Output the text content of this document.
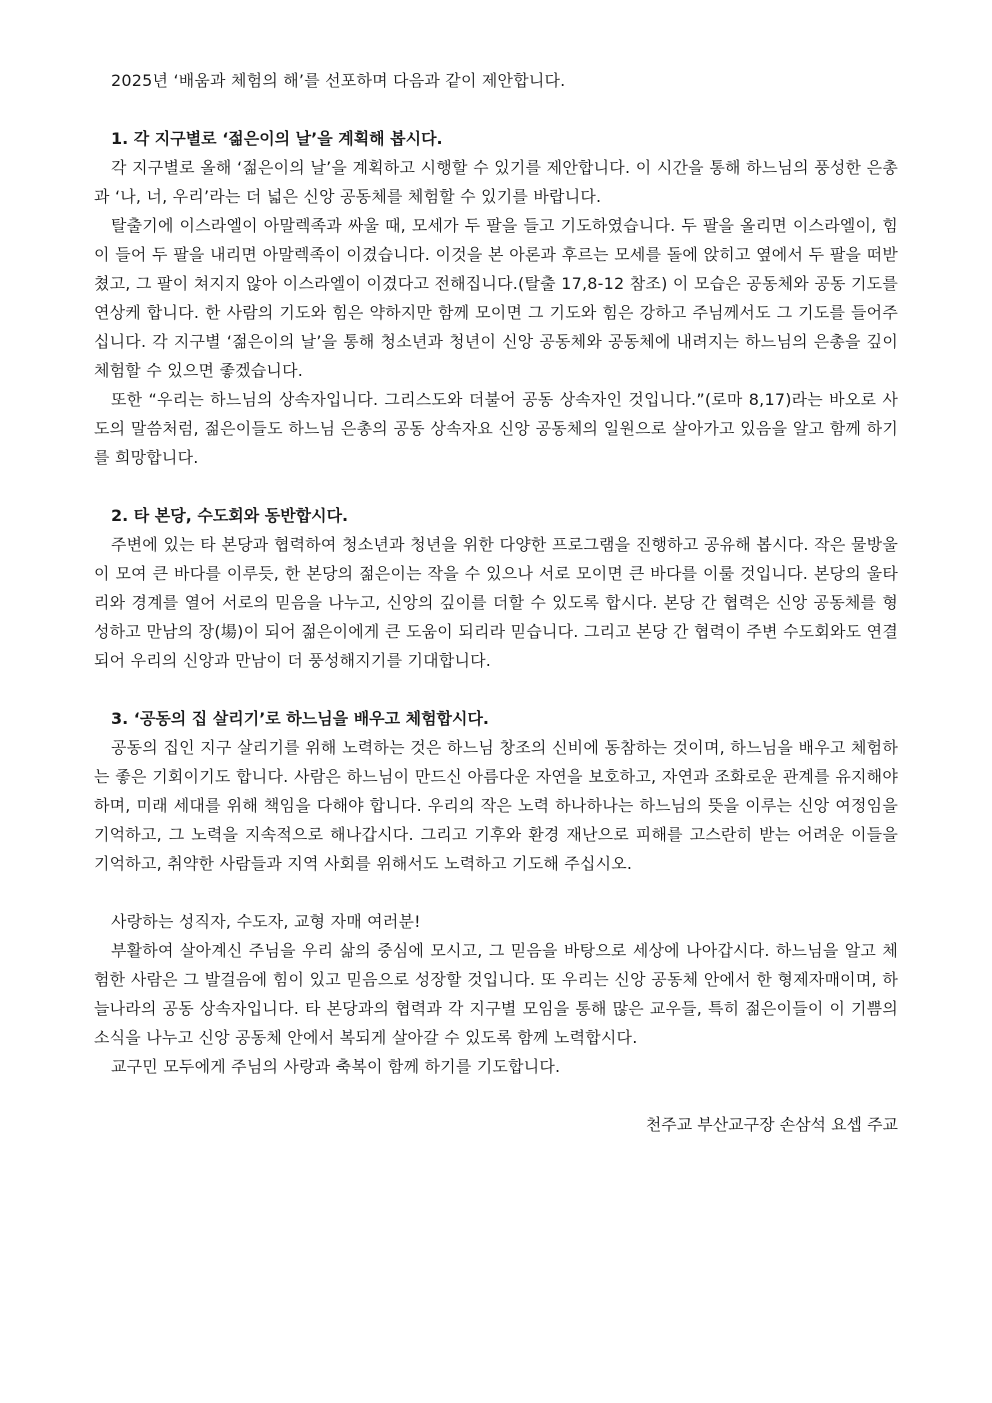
2025년 ‘배움과 체험의 해’를 선포하며 다음과 같이 제안합니다.

1. 각 지구별로 ‘젊은이의 날’을 계획해 봅시다.

각 지구별로 올해 ‘젊은이의 날’을 계획하고 시행할 수 있기를 제안합니다. 이 시간을 통해 하느님의 풍성한 은총과 ‘나, 너, 우리’라는 더 넓은 신앙 공동체를 체험할 수 있기를 바랍니다.

탈출기에 이스라엘이 아말렉족과 싸울 때, 모세가 두 팔을 들고 기도하였습니다. 두 팔을 올리면 이스라엘이, 힘이 들어 두 팔을 내리면 아말렉족이 이겼습니다. 이것을 본 아론과 후르는 모세를 돌에 앉히고 옆에서 두 팔을 떠받쳤고, 그 팔이 쳐지지 않아 이스라엘이 이겼다고 전해집니다.(탈출 17,8-12 참조) 이 모습은 공동체와 공동 기도를 연상케 합니다. 한 사람의 기도와 힘은 약하지만 함께 모이면 그 기도와 힘은 강하고 주님께서도 그 기도를 들어주십니다. 각 지구별 ‘젊은이의 날’을 통해 청소년과 청년이 신앙 공동체와 공동체에 내려지는 하느님의 은총을 깊이 체험할 수 있으면 좋겠습니다.

또한 “우리는 하느님의 상속자입니다. 그리스도와 더불어 공동 상속자인 것입니다.”(로마 8,17)라는 바오로 사도의 말씀처럼, 젊은이들도 하느님 은총의 공동 상속자요 신앙 공동체의 일원으로 살아가고 있음을 알고 함께 하기를 희망합니다.

2. 타 본당, 수도회와 동반합시다.

주변에 있는 타 본당과 협력하여 청소년과 청년을 위한 다양한 프로그램을 진행하고 공유해 봅시다. 작은 물방울이 모여 큰 바다를 이루듯, 한 본당의 젊은이는 작을 수 있으나 서로 모이면 큰 바다를 이룰 것입니다. 본당의 울타리와 경계를 열어 서로의 믿음을 나누고, 신앙의 깊이를 더할 수 있도록 합시다. 본당 간 협력은 신앙 공동체를 형성하고 만남의 장(場)이 되어 젊은이에게 큰 도움이 되리라 믿습니다. 그리고 본당 간 협력이 주변 수도회와도 연결되어 우리의 신앙과 만남이 더 풍성해지기를 기대합니다.

3. ‘공동의 집 살리기’로 하느님을 배우고 체험합시다.

공동의 집인 지구 살리기를 위해 노력하는 것은 하느님 창조의 신비에 동참하는 것이며, 하느님을 배우고 체험하는 좋은 기회이기도 합니다. 사람은 하느님이 만드신 아름다운 자연을 보호하고, 자연과 조화로운 관계를 유지해야 하며, 미래 세대를 위해 책임을 다해야 합니다. 우리의 작은 노력 하나하나는 하느님의 뜻을 이루는 신앙 여정임을 기억하고, 그 노력을 지속적으로 해나갑시다. 그리고 기후와 환경 재난으로 피해를 고스란히 받는 어려운 이들을 기억하고, 취약한 사람들과 지역 사회를 위해서도 노력하고 기도해 주십시오.

사랑하는 성직자, 수도자, 교형 자매 여러분!

부활하여 살아계신 주님을 우리 삶의 중심에 모시고, 그 믿음을 바탕으로 세상에 나아갑시다. 하느님을 알고 체험한 사람은 그 발걸음에 힘이 있고 믿음으로 성장할 것입니다. 또 우리는 신앙 공동체 안에서 한 형제자매이며, 하늘나라의 공동 상속자입니다. 타 본당과의 협력과 각 지구별 모임을 통해 많은 교우들, 특히 젊은이들이 이 기쁨의 소식을 나누고 신앙 공동체 안에서 복되게 살아갈 수 있도록 함께 노력합시다.

교구민 모두에게 주님의 사랑과 축복이 함께 하기를 기도합니다.

천주교 부산교구장 손삼석 요셉 주교
